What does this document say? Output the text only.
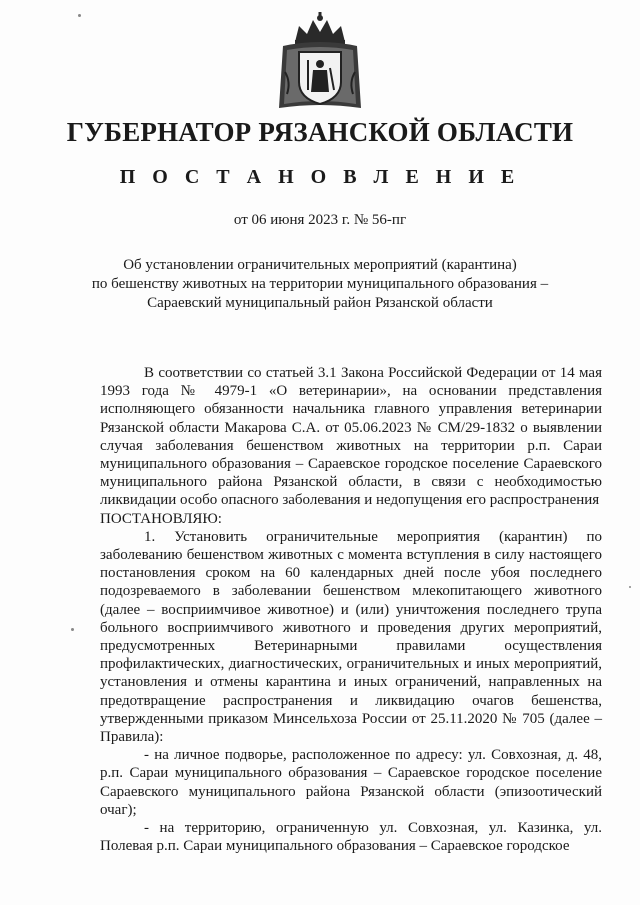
ГУБЕРНАТОР РЯЗАНСКОЙ ОБЛАСТИ
П О С Т А Н О В Л Е Н И Е
от 06 июня 2023 г. № 56-пг
Об установлении ограничительных мероприятий (карантина)
по бешенству животных на территории муниципального образования –
Сараевский муниципальный район Рязанской области

В соответствии со статьей 3.1 Закона Российской Федерации от 14 мая 1993 года № 4979-1 «О ветеринарии», на основании представления исполняющего обязанности начальника главного управления ветеринарии Рязанской области Макарова С.А. от 05.06.2023 № СМ/29-1832 о выявлении случая заболевания бешенством животных на территории р.п. Сараи муниципального образования – Сараевское городское поселение Сараевского муниципального района Рязанской области, в связи с необходимостью ликвидации особо опасного заболевания и недопущения его распространения

ПОСТАНОВЛЯЮ:

1. Установить ограничительные мероприятия (карантин) по заболеванию бешенством животных с момента вступления в силу настоящего постановления сроком на 60 календарных дней после убоя последнего подозреваемого в заболевании бешенством млекопитающего животного (далее – восприимчивое животное) и (или) уничтожения последнего трупа больного восприимчивого животного и проведения других мероприятий, предусмотренных Ветеринарными правилами осуществления профилактических, диагностических, ограничительных и иных мероприятий, установления и отмены карантина и иных ограничений, направленных на предотвращение распространения и ликвидацию очагов бешенства, утвержденными приказом Минсельхоза России от 25.11.2020 № 705 (далее – Правила):

- на личное подворье, расположенное по адресу: ул. Совхозная, д. 48, р.п. Сараи муниципального образования – Сараевское городское поселение Сараевского муниципального района Рязанской области (эпизоотический очаг);

- на территорию, ограниченную ул. Совхозная, ул. Казинка, ул. Полевая р.п. Сараи муниципального образования – Сараевское городское
